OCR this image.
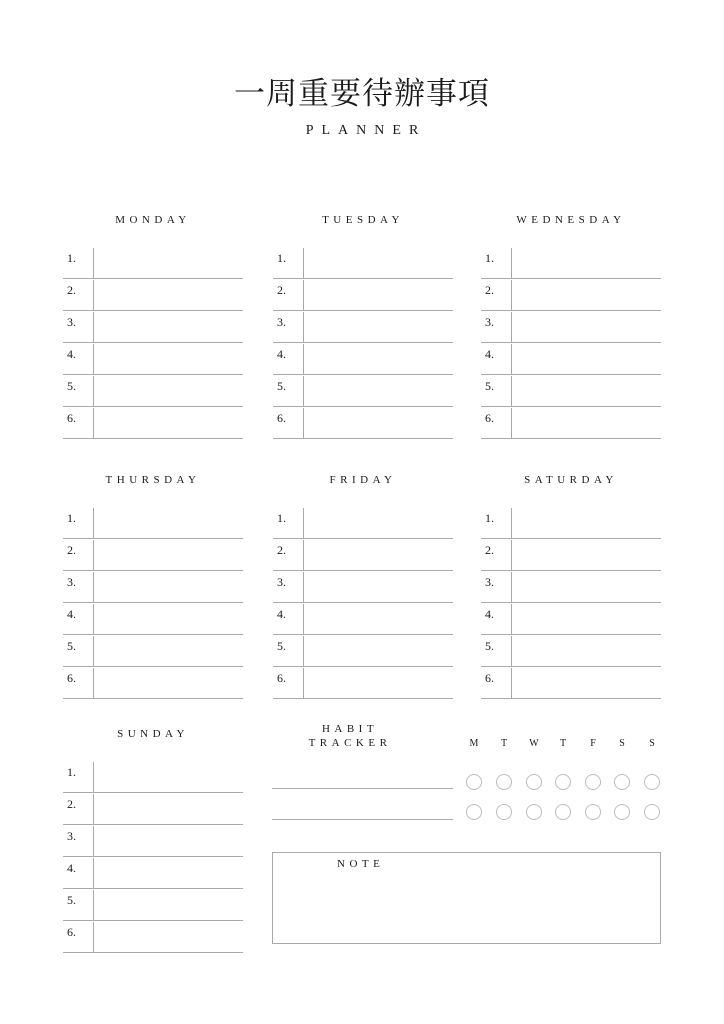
一周重要待辦事項
PLANNER
MONDAY
1.
2.
3.
4.
5.
6.
TUESDAY
1.
2.
3.
4.
5.
6.
WEDNESDAY
1.
2.
3.
4.
5.
6.
THURSDAY
1.
2.
3.
4.
5.
6.
FRIDAY
1.
2.
3.
4.
5.
6.
SATURDAY
1.
2.
3.
4.
5.
6.
SUNDAY
1.
2.
3.
4.
5.
6.
HABIT
TRACKER	M	T	W	T	F	S	S
NOTE
